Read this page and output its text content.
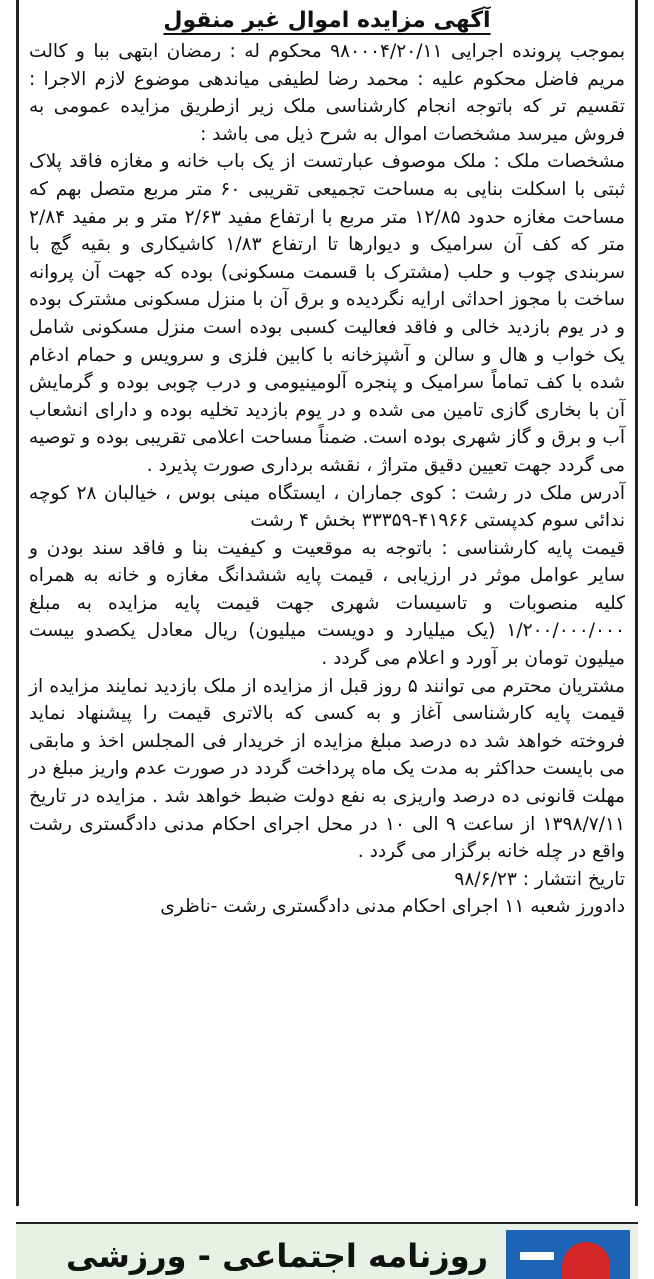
آگهی مزایده اموال غیر منقول

بموجب پرونده اجرایی ۹۸۰۰۰۴/۲۰/۱۱ محکوم له : رمضان ابتهی ببا و کالت مریم فاضل محکوم علیه : محمد رضا لطیفی میاندهی موضوع لازم الاجرا : تقسیم تر که باتوجه انجام کارشناسی ملک زیر ازطریق مزایده عمومی به فروش میرسد مشخصات اموال به شرح ذیل می باشد :

مشخصات ملک : ملک موصوف عبارتست از یک باب خانه و مغازه فاقد پلاک ثبتی با اسکلت بنایی به مساحت تجمیعی تقریبی ۶۰ متر مربع متصل بهم که مساحت مغازه حدود ۱۲/۸۵ متر مربع با ارتفاع مفید ۲/۶۳ متر و بر مفید ۲/۸۴ متر که کف آن سرامیک و دیوارها تا ارتفاع ۱/۸۳ کاشیکاری و بقیه گچ با سربندی چوب و حلب (مشترک با قسمت مسکونی) بوده که جهت آن پروانه ساخت با مجوز احداثی ارایه نگردیده و برق آن با منزل مسکونی مشترک بوده و در یوم بازدید خالی و فاقد فعالیت کسبی بوده است منزل مسکونی شامل یک خواب و هال و سالن و آشپزخانه با کابین فلزی و سرویس و حمام ادغام شده با کف تماماً سرامیک و پنجره آلومینیومی و درب چوبی بوده و گرمایش آن با بخاری گازی تامین می شده و در یوم بازدید تخلیه بوده و دارای انشعاب آب و برق و گاز شهری بوده است. ضمناً مساحت اعلامی تقریبی بوده و توصیه می گردد جهت تعیین دقیق متراژ ، نقشه برداری صورت پذیرد .

آدرس ملک در رشت : کوی جماران ، ایستگاه مینی بوس ، خیالبان ۲۸ کوچه ندائی سوم کدپستی ۴۱۹۶۶-۳۳۳۵۹ بخش ۴ رشت

قیمت پایه کارشناسی : باتوجه به موقعیت و کیفیت بنا و فاقد سند بودن و سایر عوامل موثر در ارزیابی ، قیمت پایه ششدانگ مغازه و خانه به همراه کلیه منصوبات و تاسیسات شهری جهت قیمت پایه مزایده به مبلغ ۱/۲۰۰/۰۰۰/۰۰۰ (یک میلیارد و دویست میلیون) ریال معادل یکصدو بیست میلیون تومان بر آورد و اعلام می گردد .

مشتریان محترم می توانند ۵ روز قبل از مزایده از ملک بازدید نمایند مزایده از قیمت پایه کارشناسی آغاز و به کسی که بالاتری قیمت را پیشنهاد نماید فروخته خواهد شد ده درصد مبلغ مزایده از خریدار فی المجلس اخذ و مابقی می بایست حداکثر به مدت یک ماه پرداخت گردد در صورت عدم واریز مبلغ در مهلت قانونی ده درصد واریزی به نفع دولت ضبط خواهد شد . مزایده در تاریخ ۱۳۹۸/۷/۱۱ از ساعت ۹ الی ۱۰ در محل اجرای احکام مدنی دادگستری رشت واقع در چله خانه برگزار می گردد .

تاریخ انتشار : ۹۸/۶/۲۳

دادورز شعبه ۱۱ اجرای احکام مدنی دادگستری رشت -ناظری

روزنامه اجتماعی - ورزشی
